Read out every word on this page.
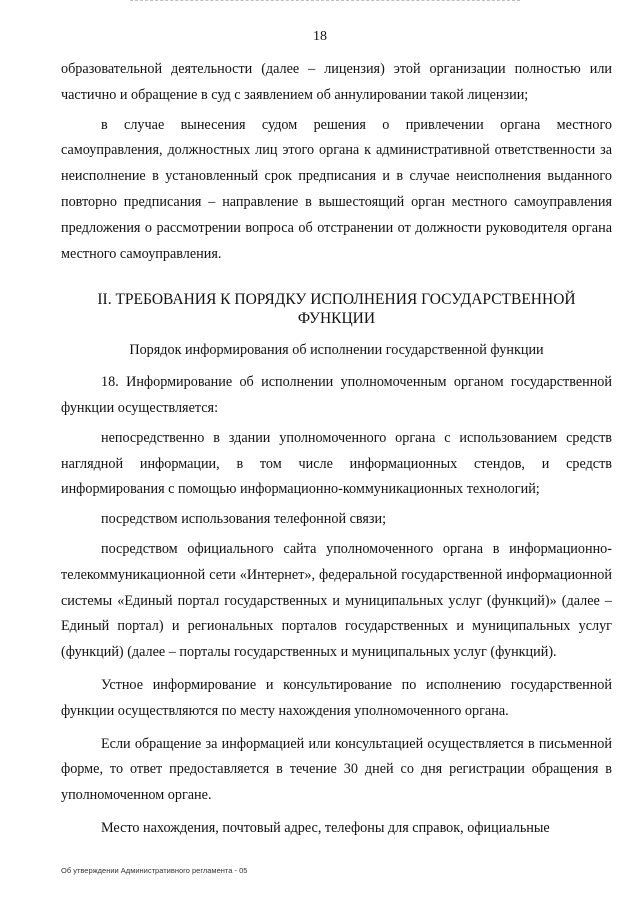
18

образовательной деятельности (далее – лицензия) этой организации полностью или частично и обращение в суд с заявлением об аннулировании такой лицензии;

в случае вынесения судом решения о привлечении органа местного самоуправления, должностных лиц этого органа к административной ответственности за неисполнение в установленный срок предписания и в случае неисполнения выданного повторно предписания – направление в вышестоящий орган местного самоуправления предложения о рассмотрении вопроса об отстранении от должности руководителя органа местного самоуправления.

II. ТРЕБОВАНИЯ К ПОРЯДКУ ИСПОЛНЕНИЯ ГОСУДАРСТВЕННОЙ ФУНКЦИИ
Порядок информирования об исполнении государственной функции

18. Информирование об исполнении уполномоченным органом государственной функции осуществляется:

непосредственно в здании уполномоченного органа с использованием средств наглядной информации, в том числе информационных стендов, и средств информирования с помощью информационно-коммуникационных технологий;

посредством использования телефонной связи;

посредством официального сайта уполномоченного органа в информационно-телекоммуникационной сети «Интернет», федеральной государственной информационной системы «Единый портал государственных и муниципальных услуг (функций)» (далее – Единый портал) и региональных порталов государственных и муниципальных услуг (функций) (далее – порталы государственных и муниципальных услуг (функций).

Устное информирование и консультирование по исполнению государственной функции осуществляются по месту нахождения уполномоченного органа.

Если обращение за информацией или консультацией осуществляется в письменной форме, то ответ предоставляется в течение 30 дней со дня регистрации обращения в уполномоченном органе.

Место нахождения, почтовый адрес, телефоны для справок, официальные

Об утверждении Административного регламента - 05
